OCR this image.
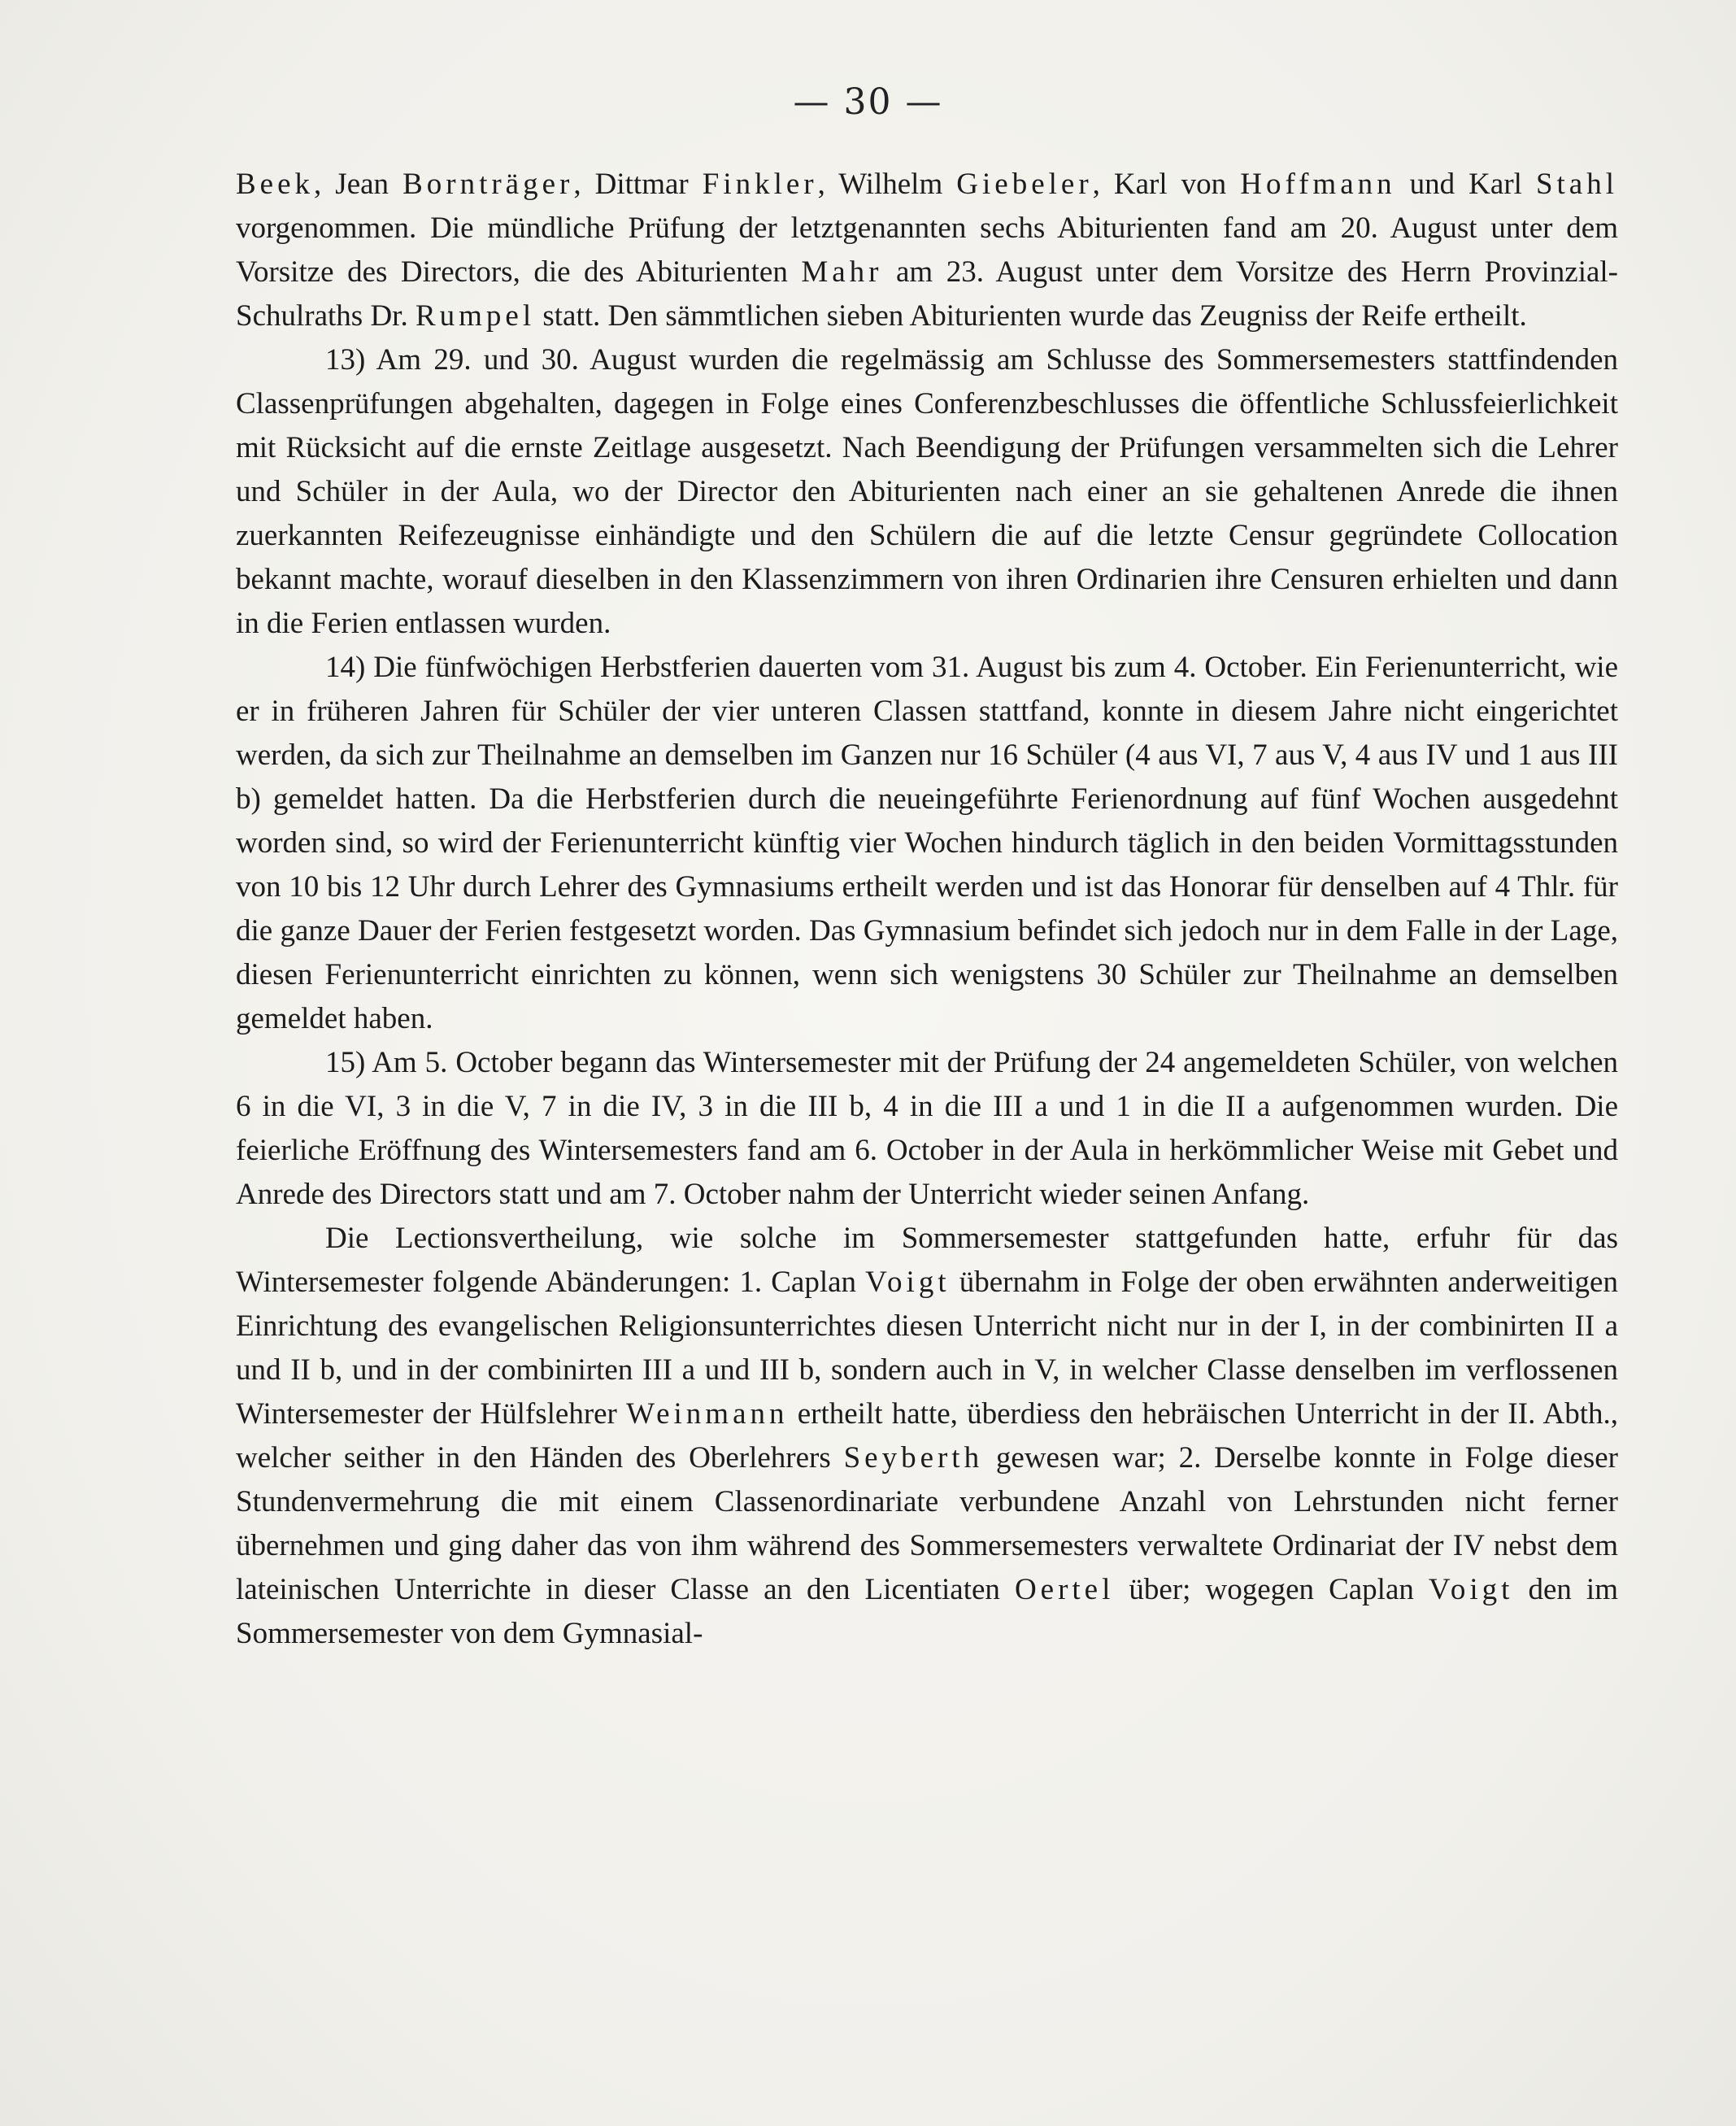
— 30 —

Beek, Jean Bornträger, Dittmar Finkler, Wilhelm Giebeler, Karl von Hoffmann und Karl Stahl vorgenommen. Die mündliche Prüfung der letztgenannten sechs Abiturienten fand am 20. August unter dem Vorsitze des Directors, die des Abiturienten Mahr am 23. August unter dem Vorsitze des Herrn Provinzial-Schulraths Dr. Rumpel statt. Den sämmtlichen sieben Abiturienten wurde das Zeugniss der Reife ertheilt.

13) Am 29. und 30. August wurden die regelmässig am Schlusse des Sommersemesters stattfindenden Classenprüfungen abgehalten, dagegen in Folge eines Conferenzbeschlusses die öffentliche Schlussfeierlichkeit mit Rücksicht auf die ernste Zeitlage ausgesetzt. Nach Beendigung der Prüfungen versammelten sich die Lehrer und Schüler in der Aula, wo der Director den Abiturienten nach einer an sie gehaltenen Anrede die ihnen zuerkannten Reifezeugnisse einhändigte und den Schülern die auf die letzte Censur gegründete Collocation bekannt machte, worauf dieselben in den Klassenzimmern von ihren Ordinarien ihre Censuren erhielten und dann in die Ferien entlassen wurden.

14) Die fünfwöchigen Herbstferien dauerten vom 31. August bis zum 4. October. Ein Ferienunterricht, wie er in früheren Jahren für Schüler der vier unteren Classen stattfand, konnte in diesem Jahre nicht eingerichtet werden, da sich zur Theilnahme an demselben im Ganzen nur 16 Schüler (4 aus VI, 7 aus V, 4 aus IV und 1 aus III b) gemeldet hatten. Da die Herbstferien durch die neueingeführte Ferienordnung auf fünf Wochen ausgedehnt worden sind, so wird der Ferienunterricht künftig vier Wochen hindurch täglich in den beiden Vormittagsstunden von 10 bis 12 Uhr durch Lehrer des Gymnasiums ertheilt werden und ist das Honorar für denselben auf 4 Thlr. für die ganze Dauer der Ferien festgesetzt worden. Das Gymnasium befindet sich jedoch nur in dem Falle in der Lage, diesen Ferienunterricht einrichten zu können, wenn sich wenigstens 30 Schüler zur Theilnahme an demselben gemeldet haben.

15) Am 5. October begann das Wintersemester mit der Prüfung der 24 angemeldeten Schüler, von welchen 6 in die VI, 3 in die V, 7 in die IV, 3 in die III b, 4 in die III a und 1 in die II a aufgenommen wurden. Die feierliche Eröffnung des Wintersemesters fand am 6. October in der Aula in herkömmlicher Weise mit Gebet und Anrede des Directors statt und am 7. October nahm der Unterricht wieder seinen Anfang.

Die Lectionsvertheilung, wie solche im Sommersemester stattgefunden hatte, erfuhr für das Wintersemester folgende Abänderungen: 1. Caplan Voigt übernahm in Folge der oben erwähnten anderweitigen Einrichtung des evangelischen Religionsunterrichtes diesen Unterricht nicht nur in der I, in der combinirten II a und II b, und in der combinirten III a und III b, sondern auch in V, in welcher Classe denselben im verflossenen Wintersemester der Hülfslehrer Weinmann ertheilt hatte, überdiess den hebräischen Unterricht in der II. Abth., welcher seither in den Händen des Oberlehrers Seyberth gewesen war; 2. Derselbe konnte in Folge dieser Stundenvermehrung die mit einem Classenordinariate verbundene Anzahl von Lehrstunden nicht ferner übernehmen und ging daher das von ihm während des Sommersemesters verwaltete Ordinariat der IV nebst dem lateinischen Unterrichte in dieser Classe an den Licentiaten Oertel über; wogegen Caplan Voigt den im Sommersemester von dem Gymnasial-
